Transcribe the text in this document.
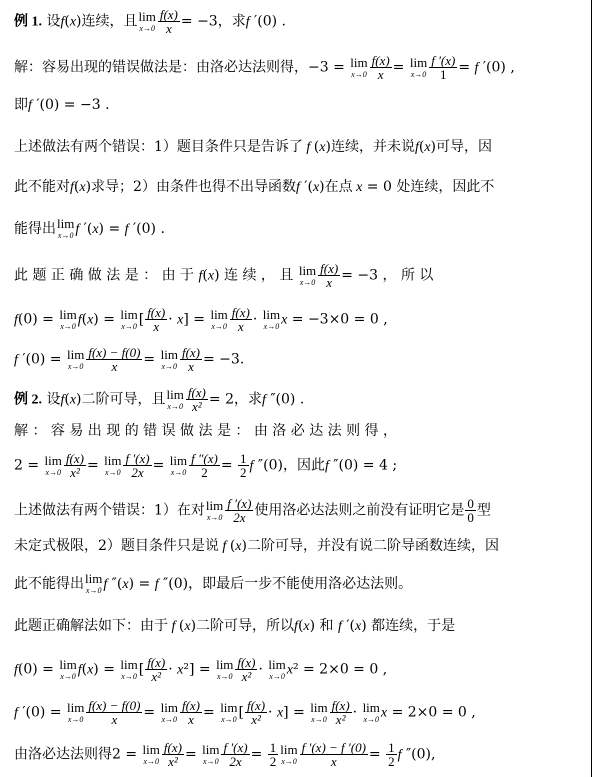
例 1. 设f(x)连续，且 lim
$x\to 0 \frac{f(x)}{x} = -3$，求f ′(0) .
解：容易出现的错误做法是：由洛必达法则得，−3 = lim
$x\to 0 \frac{f(x)}{x} = \lim$
$x\to 0 \frac{f '(x)}{1} = f$ ′(0) ,
即f ′(0) = −3 .
上述做法有两个错误：1）题目条件只是告诉了 f (x)连续，并未说f(x)可导，因
此不能对f(x)求导；2）由条件也得不出导函数f ′(x)在点 x = 0 处连续，因此不
能得出 lim
x→0 f ′(x) = f ′(0) .
此 题 正 确 做 法 是 ： 由 于 f(x) 连 续 ， 且 lim
$x\to 0 \frac{f(x)}{x} = -3$ ， 所 以
f(0) = lim
x→0 f(x) = lim
x→0 [ $\frac{f(x)}{x} \cdot x] = \lim$
$x\to 0 \frac{f(x)}{x} \cdot \lim$
x→0 x = −3×0 = 0 ,
f ′(0) = lim
$x\to 0 \frac{f(x) - f(0)}{x} = \lim$
$x\to 0 \frac{f(x)}{x} = -3$.
例 2. 设f(x)二阶可导，且 lim
$x\to 0 \frac{f(x)}{\text{x²}} = 2$，求f ″(0) .
解 ： 容 易 出 现 的 错 误 做 法 是 ： 由 洛 必 达 法 则 得 ，
2 = lim
$x\to 0 \frac{f(x)}{\text{x²}} = \lim$
$x\to 0 \frac{f '(x)}{2x} = \lim$
$x\to 0 \frac{f ''(x)}{2} = \frac{1}{2}$ f ″(0)，因此f ″(0) = 4 ;
上述做法有两个错误：1）在对 lim
$x\to 0 \frac{f '(x)}{2x}$ 使用洛必达法则之前没有证明它是 $\frac{0}{0}$ 型
未定式极限，2）题目条件只是说 f (x)二阶可导，并没有说二阶导函数连续，因
此不能得出 lim
x→0 f ″(x) = f ″(0)，即最后一步不能使用洛必达法则。
此题正确解法如下：由于 f (x)二阶可导，所以f(x) 和 f ′(x) 都连续，于是
f(0) = lim
x→0 f(x) = lim
x→0 [ $\frac{f(x)}{\text{x²}} \cdot x^2] = \lim$
$x\to 0 \frac{f(x)}{\text{x²}} \cdot \lim$
x→0 x² = 2×0 = 0 ,
f ′(0) = lim
$x\to 0 \frac{f(x) - f(0)}{x} = \lim$
$x\to 0 \frac{f(x)}{x} = \lim$
x→0 [ $\frac{f(x)}{\text{x²}} \cdot x] = \lim$
$x\to 0 \frac{f(x)}{\text{x²}} \cdot \lim$
x→0 x = 2×0 = 0 ,
由洛必达法则得2 = lim
$x\to 0 \frac{f(x)}{\text{x²}} = \lim$
$x\to 0 \frac{f '(x)}{2x} = \frac{1}{2}$ lim
$x\to 0 \frac{f '(x) - f '(0)}{x} = \frac{1}{2}$ f ″(0),
